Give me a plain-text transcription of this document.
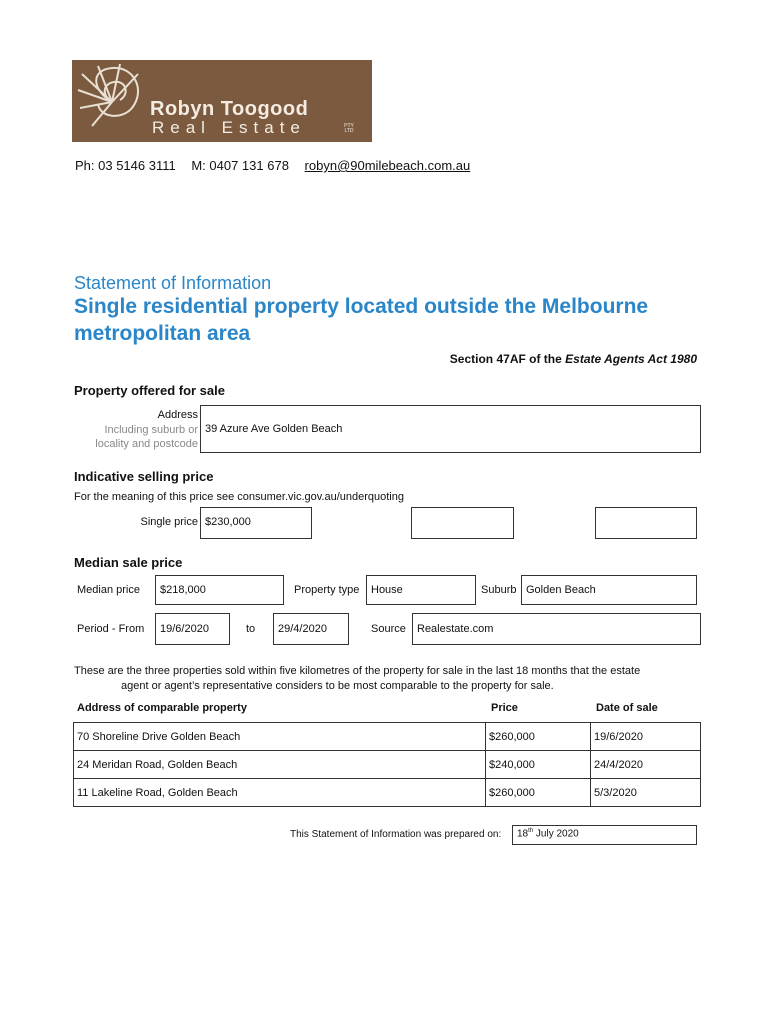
Robyn Toogood
Real Estate	PTY LTD
Ph: 03 5146 3111 M: 0407 131 678 robyn@90milebeach.com.au
Statement of Information
Single residential property located outside the Melbourne metropolitan area
Section 47AF of the Estate Agents Act 1980
Property offered for sale
Address
Including suburb or
locality and postcode
39 Azure Ave Golden Beach
Indicative selling price
For the meaning of this price see consumer.vic.gov.au/underquoting
Single price $230,000
Median sale price
Median price	$218,000	Property type	House	Suburb Golden Beach
Period - From	19/6/2020	to	29/4/2020	Source	Realestate.com
These are the three properties sold within five kilometres of the property for sale in the last 18 months that the estate
agent or agent’s representative considers to be most comparable to the property for sale.
Address of comparable property	Price	Date of sale
70 Shoreline Drive Golden Beach	$260,000	19/6/2020
24 Meridan Road, Golden Beach	$240,000	24/4/2020
11 Lakeline Road, Golden Beach	$260,000	5/3/2020
This Statement of Information was prepared on:	18th July 2020
